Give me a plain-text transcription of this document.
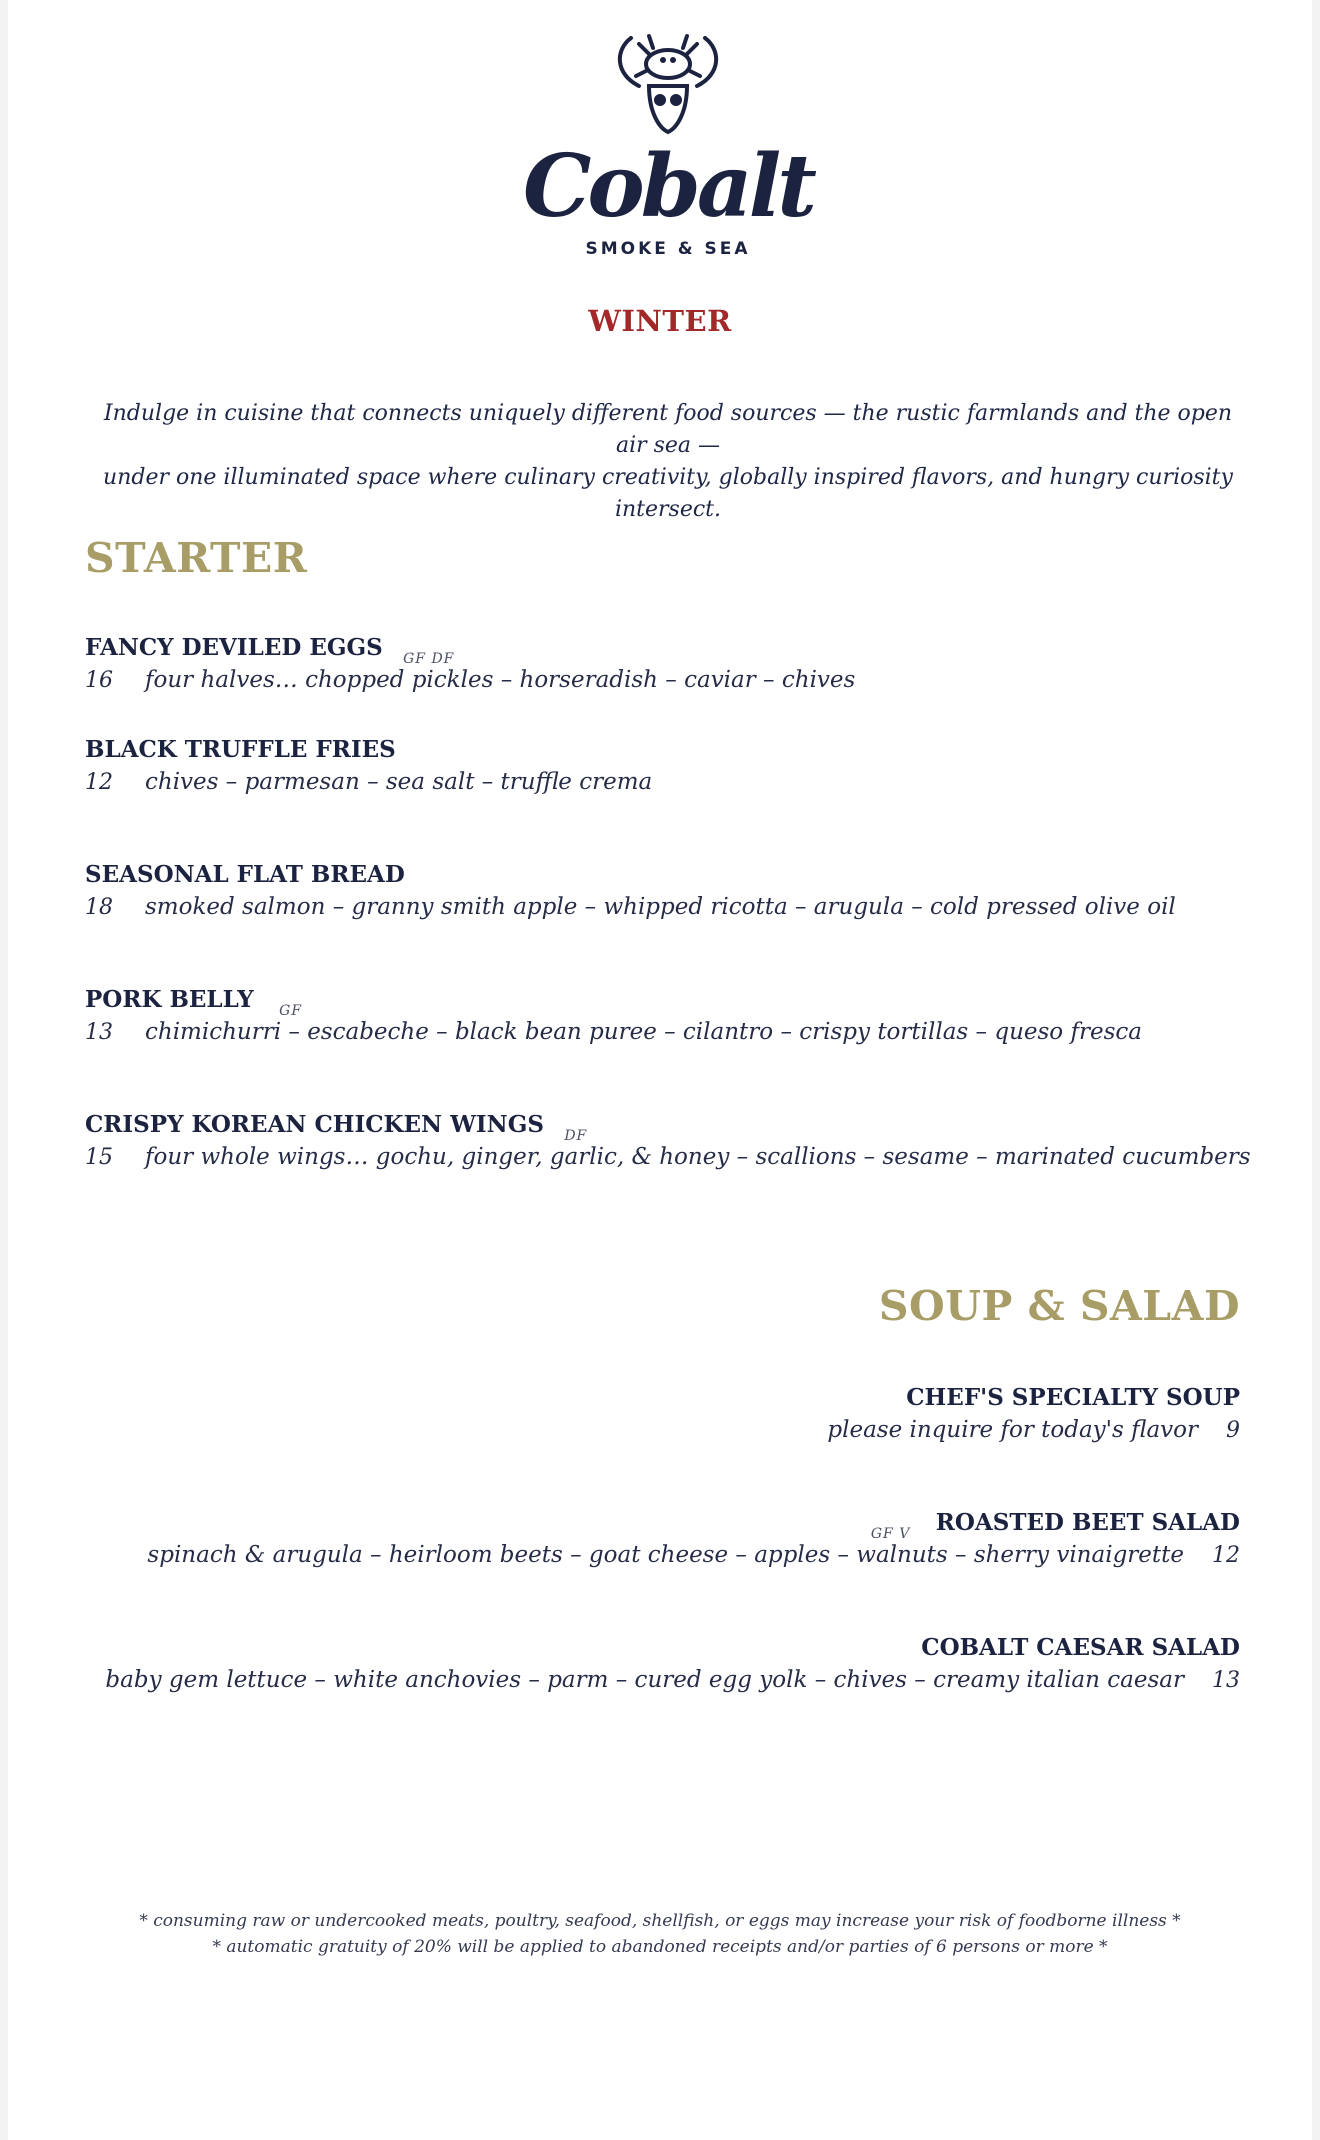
Cobalt
SMOKE & SEA
WINTER
Indulge in cuisine that connects uniquely different food sources — the rustic farmlands and the open air sea —
under one illuminated space where culinary creativity, globally inspired flavors, and hungry curiosity intersect.
STARTER
FANCY DEVILED EGGS GF DF
16 four halves… chopped pickles – horseradish – caviar – chives
BLACK TRUFFLE FRIES
12 chives – parmesan – sea salt – truffle crema
SEASONAL FLAT BREAD
18 smoked salmon – granny smith apple – whipped ricotta – arugula – cold pressed olive oil
PORK BELLY GF
13 chimichurri – escabeche – black bean puree – cilantro – crispy tortillas – queso fresca
CRISPY KOREAN CHICKEN WINGS DF
15 four whole wings… gochu, ginger, garlic, & honey – scallions – sesame – marinated cucumbers
SOUP & SALAD
CHEF'S SPECIALTY SOUP
please inquire for today's flavor 9
GF V ROASTED BEET SALAD
spinach & arugula – heirloom beets – goat cheese – apples – walnuts – sherry vinaigrette 12
COBALT CAESAR SALAD
baby gem lettuce – white anchovies – parm – cured egg yolk – chives – creamy italian caesar 13
* consuming raw or undercooked meats, poultry, seafood, shellfish, or eggs may increase your risk of foodborne illness *
* automatic gratuity of 20% will be applied to abandoned receipts and/or parties of 6 persons or more *
